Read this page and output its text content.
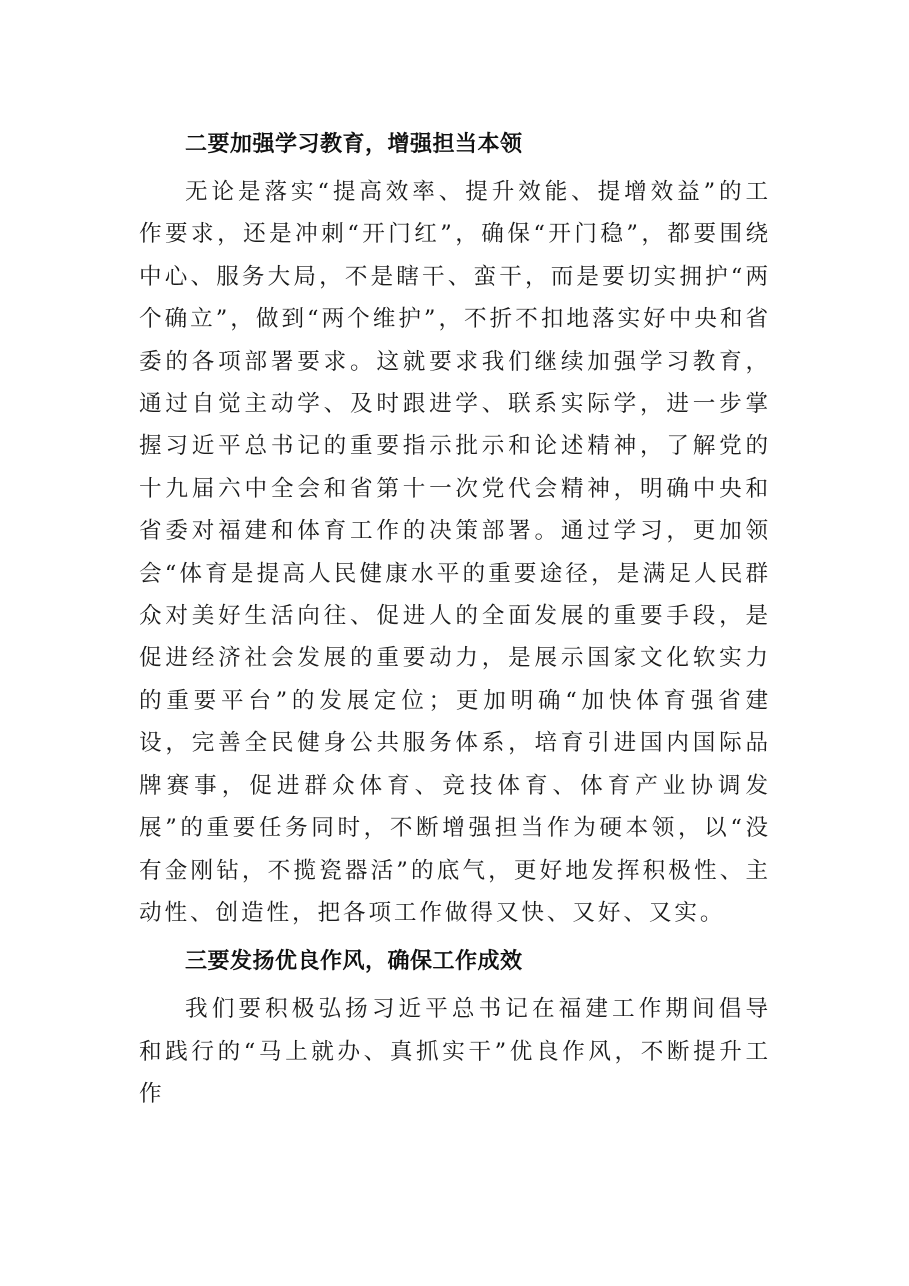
二要加强学习教育，增强担当本领

无论是落实“提高效率、提升效能、提增效益”的工作要求，还是冲刺“开门红”，确保“开门稳”，都要围绕中心、服务大局，不是瞎干、蛮干，而是要切实拥护“两个确立”，做到“两个维护”，不折不扣地落实好中央和省委的各项部署要求。这就要求我们继续加强学习教育，通过自觉主动学、及时跟进学、联系实际学，进一步掌握习近平总书记的重要指示批示和论述精神，了解党的十九届六中全会和省第十一次党代会精神，明确中央和省委对福建和体育工作的决策部署。通过学习，更加领会“体育是提高人民健康水平的重要途径，是满足人民群众对美好生活向往、促进人的全面发展的重要手段，是促进经济社会发展的重要动力，是展示国家文化软实力的重要平台”的发展定位；更加明确“加快体育强省建设，完善全民健身公共服务体系，培育引进国内国际品牌赛事，促进群众体育、竞技体育、体育产业协调发展”的重要任务同时，不断增强担当作为硬本领，以“没有金刚钻，不揽瓷器活”的底气，更好地发挥积极性、主动性、创造性，把各项工作做得又快、又好、又实。

三要发扬优良作风，确保工作成效

我们要积极弘扬习近平总书记在福建工作期间倡导和践行的“马上就办、真抓实干”优良作风，不断提升工作
